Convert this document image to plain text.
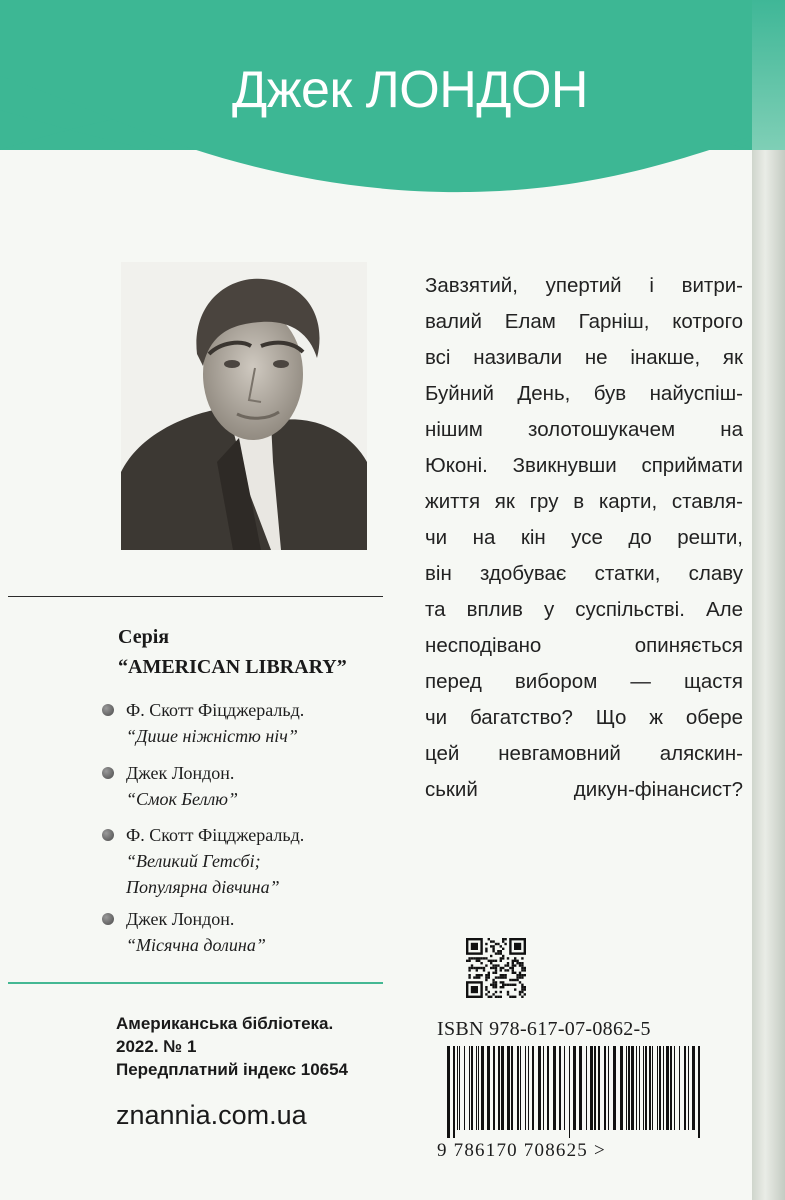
Джек ЛОНДОН
Серія
“AMERICAN LIBRARY”
Ф. Скотт Фіцджеральд.
“Дише ніжністю ніч”
Джек Лондон.
“Смок Беллю”
Ф. Скотт Фіцджеральд.
“Великий Гетсбі;
Популярна дівчина”
Джек Лондон.
“Місячна долина”
Американська бібліотека.
2022. № 1
Передплатний індекс 10654
znannia.com.ua
Завзятий, упертий і витри-
валий Елам Гарніш, котрого
всі називали не інакше, як
Буйний День, був найуспіш-
нішим золотошукачем на
Юконі. Звикнувши сприймати
життя як гру в карти, ставля-
чи на кін усе до решти,
він здобуває статки, славу
та вплив у суспільстві. Але
несподівано опиняється
перед вибором — щастя
чи багатство? Що ж обере
цей невгамовний аляскин-
ський дикун-фінансист?
ISBN 978-617-07-0862-5
9 786170 708625 >
